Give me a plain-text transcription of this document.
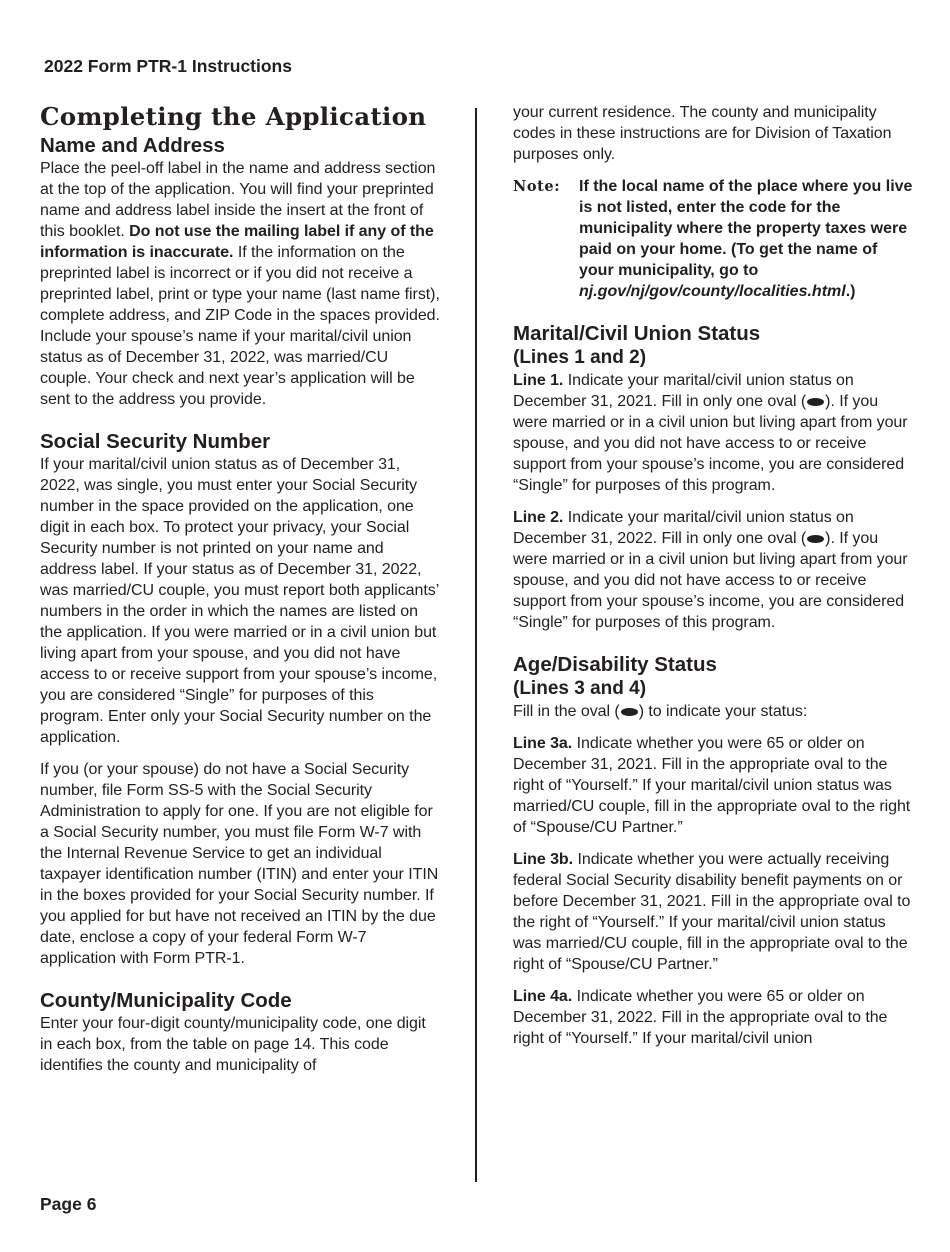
2022 Form PTR-1 Instructions
Completing the Application
Name and Address

Place the peel-off label in the name and address section at the top of the application. You will find your preprinted name and address label inside the insert at the front of this booklet. Do not use the mailing label if any of the information is inaccurate. If the information on the preprinted label is incorrect or if you did not receive a preprinted label, print or type your name (last name first), complete address, and ZIP Code in the spaces provided. Include your spouse’s name if your marital/civil union status as of December 31, 2022, was married/CU couple. Your check and next year’s application will be sent to the address you provide.

Social Security Number

If your marital/civil union status as of December 31, 2022, was single, you must enter your Social Security number in the space provided on the application, one digit in each box. To protect your privacy, your Social Security number is not printed on your name and address label. If your status as of December 31, 2022, was married/CU couple, you must report both applicants’ numbers in the order in which the names are listed on the application. If you were married or in a civil union but living apart from your spouse, and you did not have access to or receive support from your spouse’s income, you are considered “Single” for purposes of this program. Enter only your Social Security number on the application.

If you (or your spouse) do not have a Social Security number, file Form SS-5 with the Social Security Administration to apply for one. If you are not eligible for a Social Security number, you must file Form W-7 with the Internal Revenue Service to get an individual taxpayer identification number (ITIN) and enter your ITIN in the boxes provided for your Social Security number. If you applied for but have not received an ITIN by the due date, enclose a copy of your federal Form W-7 application with Form PTR-1.

County/Municipality Code

Enter your four-digit county/municipality code, one digit in each box, from the table on page 14. This code identifies the county and municipality of

your current residence. The county and municipality codes in these instructions are for Division of Taxation purposes only.

Note:	If the local name of the place where you live is not listed, enter the code for the municipality where the property taxes were paid on your home. (To get the name of your municipality, go to nj.gov/nj/gov/county/localities.html.)
Marital/Civil Union Status
(Lines 1 and 2)

Line 1. Indicate your marital/civil union status on December 31, 2021. Fill in only one oval ( ). If you were married or in a civil union but living apart from your spouse, and you did not have access to or receive support from your spouse’s income, you are considered “Single” for purposes of this program.

Line 2. Indicate your marital/civil union status on December 31, 2022. Fill in only one oval ( ). If you were married or in a civil union but living apart from your spouse, and you did not have access to or receive support from your spouse’s income, you are considered “Single” for purposes of this program.

Age/Disability Status
(Lines 3 and 4)

Fill in the oval ( ) to indicate your status:

Line 3a. Indicate whether you were 65 or older on December 31, 2021. Fill in the appropriate oval to the right of “Yourself.” If your marital/civil union status was married/CU couple, fill in the appropriate oval to the right of “Spouse/CU Partner.”

Line 3b. Indicate whether you were actually receiving federal Social Security disability benefit payments on or before December 31, 2021. Fill in the appropriate oval to the right of “Yourself.” If your marital/civil union status was married/CU couple, fill in the appropriate oval to the right of “Spouse/CU Partner.”

Line 4a. Indicate whether you were 65 or older on December 31, 2022. Fill in the appropriate oval to the right of “Yourself.” If your marital/civil union

Page 6
